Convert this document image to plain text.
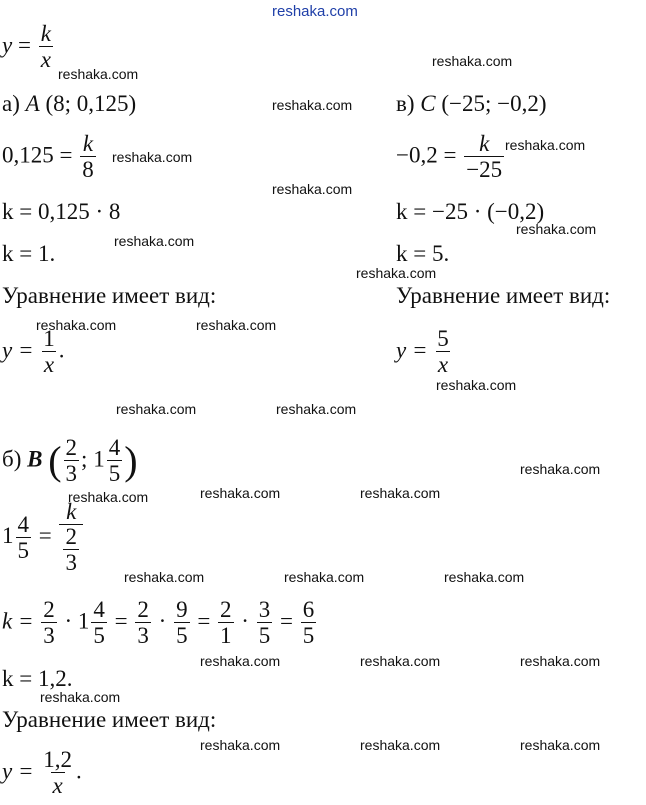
reshaka.com
$y = \frac{k}{x}$
а) A (8; 0,125)
$0,125 = \frac{k}{8}$
k = 0,125 · 8
k = 1.
Уравнение имеет вид:
$y = \frac{1}{x}$ .
в) C (−25; −0,2)
$-0,2 = \frac{k}{-25}$
k = −25 · (−0,2)
k = 5.
Уравнение имеет вид:
$y = \frac{5}{x}$
б) B ( $\frac{2}{3}$ ; $1 \frac{4}{5}$ )
$1 \frac{4}{5} = \frac{k}{\frac{2}{3}}$
$k = \frac{2}{3} \cdot 1 \frac{4}{5} = \frac{2}{3} \cdot \frac{9}{5} = \frac{2}{1} \cdot \frac{3}{5} = \frac{6}{5}$
k = 1,2.
Уравнение имеет вид:
$y = \frac{1,2}{x}$ .
reshaka.com
reshaka.com
reshaka.com
reshaka.com
reshaka.com
reshaka.com
reshaka.com
reshaka.com
reshaka.com
reshaka.com	reshaka.com
reshaka.com
reshaka.com	reshaka.com
reshaka.com
reshaka.com	reshaka.com	reshaka.com
reshaka.com	reshaka.com	reshaka.com
reshaka.com	reshaka.com	reshaka.com
reshaka.com
reshaka.com	reshaka.com	reshaka.com
